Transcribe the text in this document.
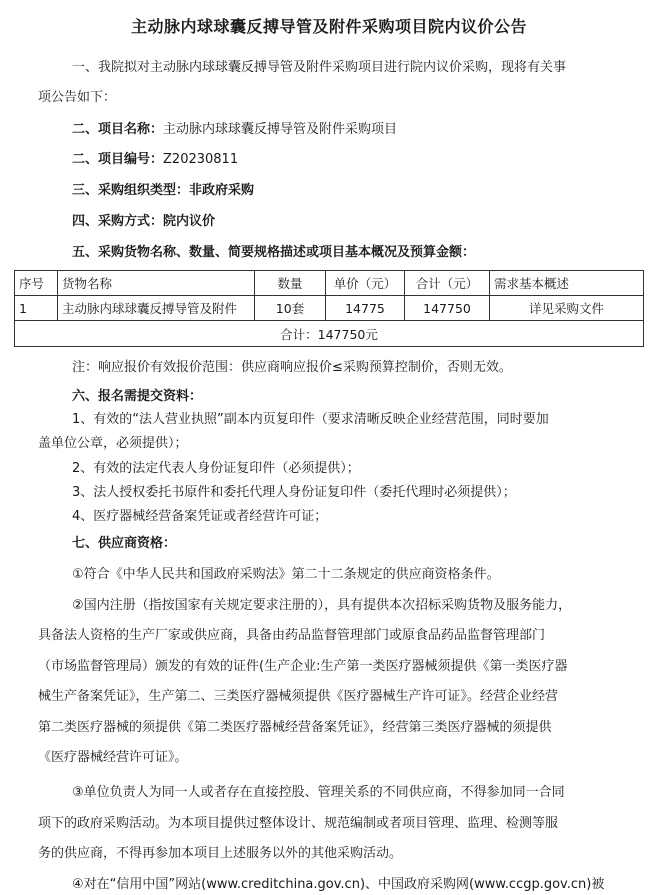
主动脉内球球囊反搏导管及附件采购项目院内议价公告
一、我院拟对主动脉内球球囊反搏导管及附件采购项目进行院内议价采购，现将有关事
项公告如下：
二、项目名称：主动脉内球球囊反搏导管及附件采购项目
二、项目编号：Z20230811
三、采购组织类型：非政府采购
四、采购方式：院内议价
五、采购货物名称、数量、简要规格描述或项目基本概况及预算金额：
序号	货物名称	数量	单价（元）	合计（元）	需求基本概述
1	主动脉内球球囊反搏导管及附件	10套	14775	147750	详见采购文件
合计：147750元					
注：响应报价有效报价范围：供应商响应报价≤采购预算控制价，否则无效。
六、报名需提交资料：
1、有效的“法人营业执照”副本内页复印件（要求清晰反映企业经营范围，同时要加
盖单位公章，必须提供）；
2、有效的法定代表人身份证复印件（必须提供）；
3、法人授权委托书原件和委托代理人身份证复印件（委托代理时必须提供）；
4、医疗器械经营备案凭证或者经营许可证；
七、供应商资格：
①符合《中华人民共和国政府采购法》第二十二条规定的供应商资格条件。
②国内注册（指按国家有关规定要求注册的），具有提供本次招标采购货物及服务能力，
具备法人资格的生产厂家或供应商，具备由药品监督管理部门或原食品药品监督管理部门
（市场监督管理局）颁发的有效的证件(生产企业:生产第一类医疗器械须提供《第一类医疗器
械生产备案凭证》，生产第二、三类医疗器械须提供《医疗器械生产许可证》。经营企业经营
第二类医疗器械的须提供《第二类医疗器械经营备案凭证》，经营第三类医疗器械的须提供
《医疗器械经营许可证》。
③单位负责人为同一人或者存在直接控股、管理关系的不同供应商，不得参加同一合同
项下的政府采购活动。为本项目提供过整体设计、规范编制或者项目管理、监理、检测等服
务的供应商，不得再参加本项目上述服务以外的其他采购活动。
④对在“信用中国”网站(www.creditchina.gov.cn)、中国政府采购网(www.ccgp.gov.cn)被
